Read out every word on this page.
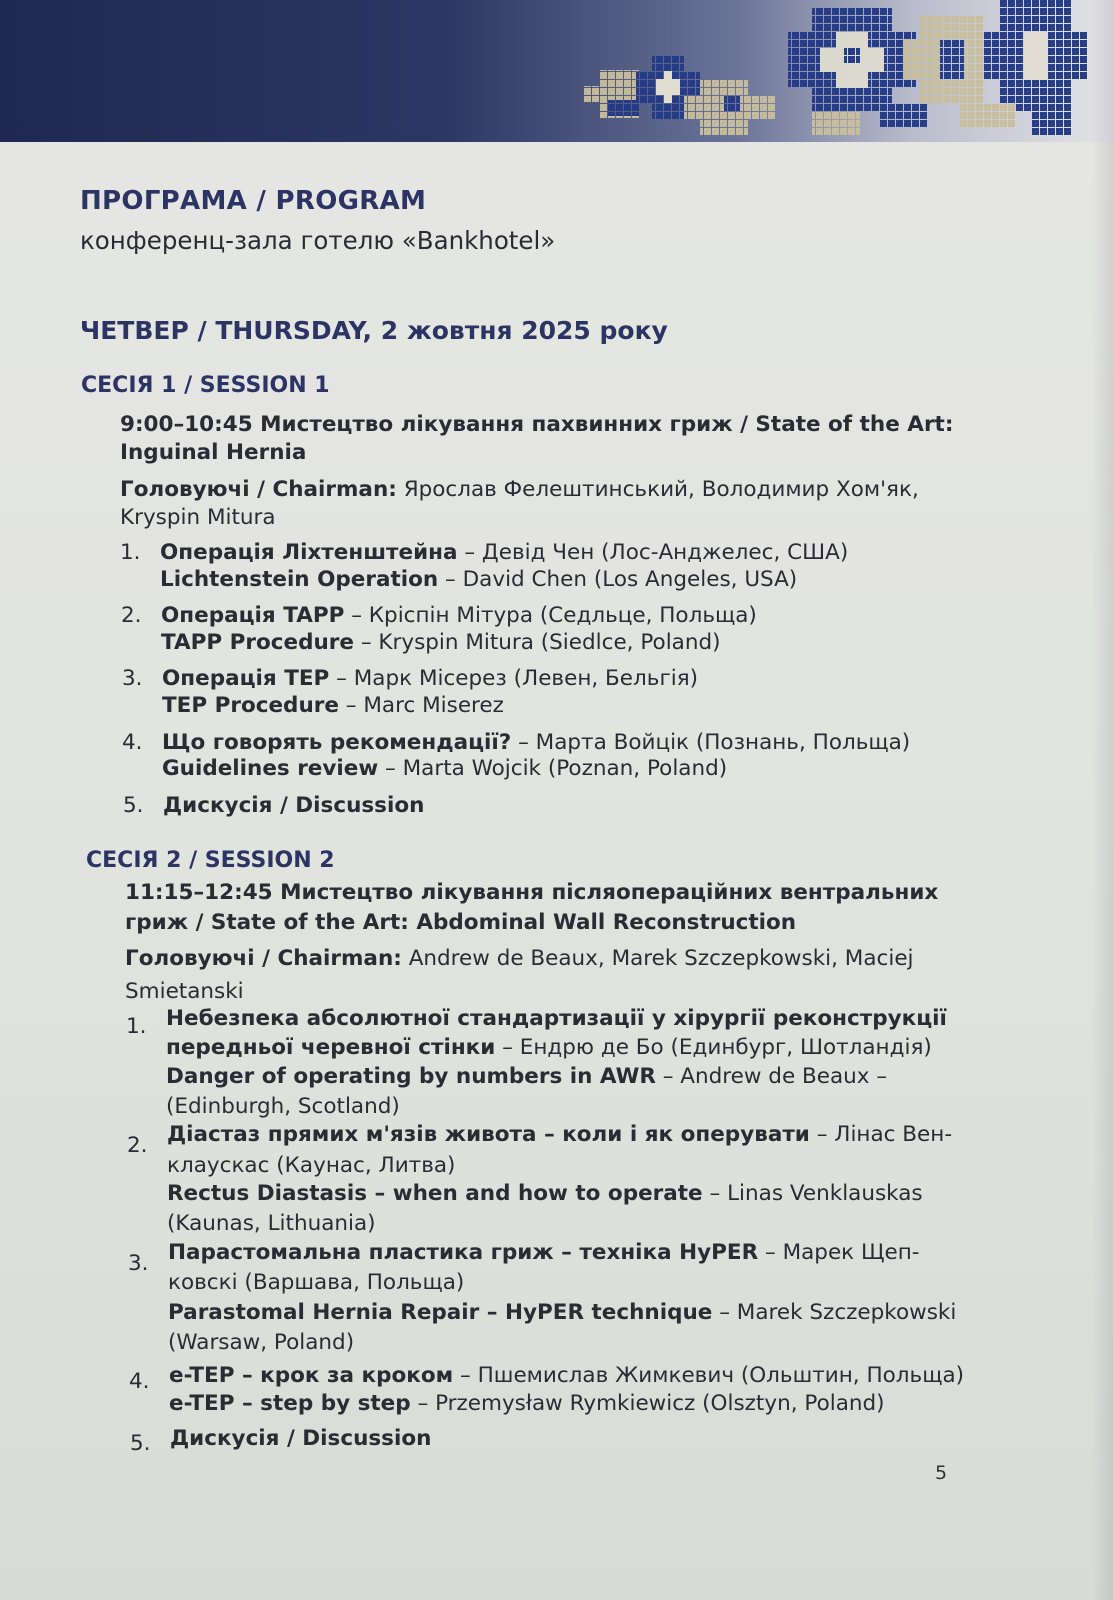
ПРОГРАМА / PROGRAM
конференц-зала готелю «Bankhotel»
ЧЕТВЕР / THURSDAY, 2 жовтня 2025 року
СЕСІЯ 1 / SESSION 1
9:00–10:45 Мистецтво лікування пахвинних гриж / State of the Art:
Inguinal Hernia
Головуючі / Chairman: Ярослав Фелештинський, Володимир Хом'як,
Kryspin Mitura
1. Операція Ліхтенштейна – Девід Чен (Лос-Анджелес, США)
Lichtenstein Operation – David Chen (Los Angeles, USA)
2. Операція TAPP – Кріспін Мітура (Седльце, Польща)
TAPP Procedure – Kryspin Mitura (Siedlce, Poland)
3. Операція TEP – Марк Місерез (Левен, Бельгія)
TEP Procedure – Marc Miserez
4. Що говорять рекомендації? – Марта Войцік (Познань, Польща)
Guidelines review – Marta Wojcik (Poznan, Poland)
5. Дискусія / Discussion
СЕСІЯ 2 / SESSION 2
11:15–12:45 Мистецтво лікування післяопераційних вентральних
гриж / State of the Art: Abdominal Wall Reconstruction
Головуючі / Chairman: Andrew de Beaux, Marek Szczepkowski, Maciej
Smietanski
1. Небезпека абсолютної стандартизації у хірургії реконструкції
передньої черевної стінки – Ендрю де Бо (Единбург, Шотландія)
Danger of operating by numbers in AWR – Andrew de Beaux –
(Edinburgh, Scotland)
2. Діастаз прямих м'язів живота – коли і як оперувати – Лінас Вен-
клаускас (Каунас, Литва)
Rectus Diastasis – when and how to operate – Linas Venklauskas
(Kaunas, Lithuania)
3. Парастомальна пластика гриж – техніка HyPER – Марек Щеп-
ковскі (Варшава, Польща)
Parastomal Hernia Repair – HyPER technique – Marek Szczepkowski
(Warsaw, Poland)
4. e-TEP – крок за кроком – Пшемислав Жимкевич (Ольштин, Польща)
e-TEP – step by step – Przemysław Rymkiewicz (Olsztyn, Poland)
5. Дискусія / Discussion
5
